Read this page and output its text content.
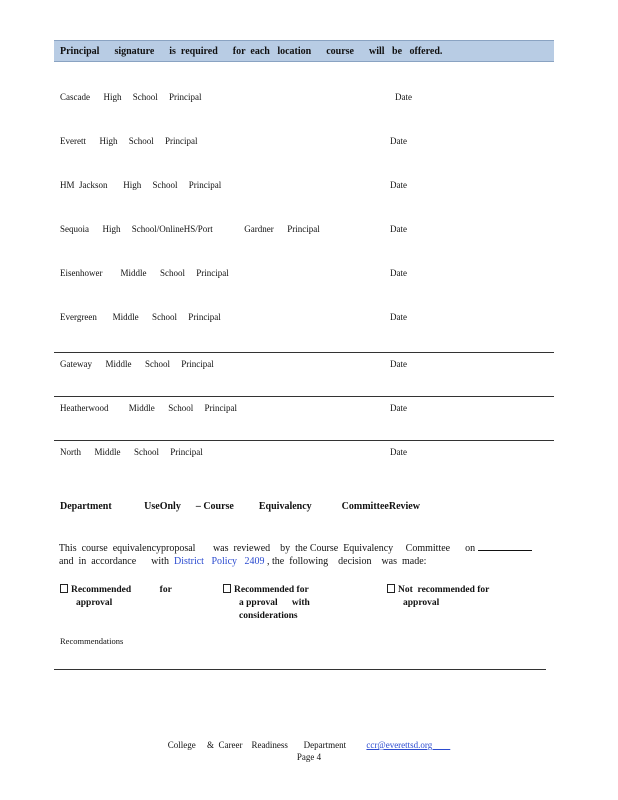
Principal      signature      is  required      for  each   location      course      will   be   offered.
Cascade      High     School     Principal	Date
Everett      High     School     Principal	Date
HM  Jackson       High     School     Principal	Date
Sequoia      High     School/OnlineHS/Port              Gardner      Principal	Date
Eisenhower        Middle      School     Principal	Date
Evergreen       Middle      School     Principal	Date
Gateway      Middle      School     Principal	Date
Heatherwood         Middle      School     Principal	Date
North      Middle      School     Principal	Date
Department             UseOnly      – Course          Equivalency            CommitteeReview

This  course  equivalencyproposal       was  reviewed    by  the Course  Equivalency     Committee      on

and  in  accordance      with  District   Policy   2409 , the  following    decision    was  made:

Recommended            for
approval
Recommended for
a pproval      with
considerations
Not  recommended for
approval
Recommendations
College     &  Career    Readiness       Department         ccr@everettsd.org
Page 4
